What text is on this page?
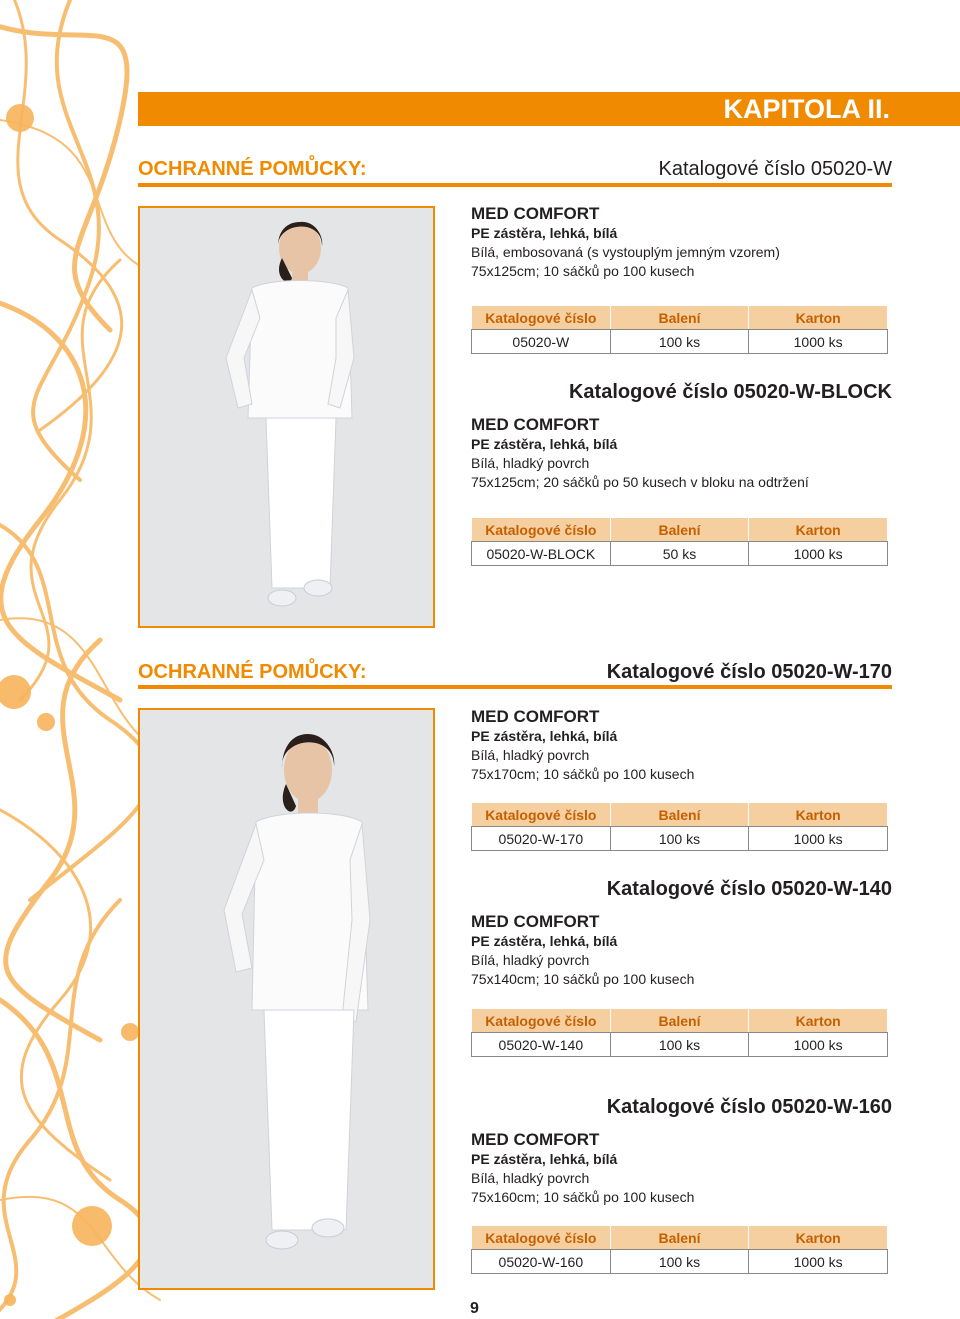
KAPITOLA II.
OCHRANNÉ POMŮCKY:	Katalogové číslo 05020-W
MED COMFORT
PE zástěra, lehká, bílá
Bílá, embosovaná (s vystouplým jemným vzorem)
75x125cm; 10 sáčků po 100 kusech
Katalogové číslo	Balení	Karton
05020-W	100 ks	1000 ks
Katalogové číslo 05020-W-BLOCK
MED COMFORT
PE zástěra, lehká, bílá
Bílá, hladký povrch
75x125cm; 20 sáčků po 50 kusech v bloku na odtržení
Katalogové číslo	Balení	Karton
05020-W-BLOCK	50 ks	1000 ks
OCHRANNÉ POMŮCKY:	Katalogové číslo 05020-W-170
MED COMFORT
PE zástěra, lehká, bílá
Bílá, hladký povrch
75x170cm; 10 sáčků po 100 kusech
Katalogové číslo	Balení	Karton
05020-W-170	100 ks	1000 ks
Katalogové číslo 05020-W-140
MED COMFORT
PE zástěra, lehká, bílá
Bílá, hladký povrch
75x140cm; 10 sáčků po 100 kusech
Katalogové číslo	Balení	Karton
05020-W-140	100 ks	1000 ks
Katalogové číslo 05020-W-160
MED COMFORT
PE zástěra, lehká, bílá
Bílá, hladký povrch
75x160cm; 10 sáčků po 100 kusech
Katalogové číslo	Balení	Karton
05020-W-160	100 ks	1000 ks
9
